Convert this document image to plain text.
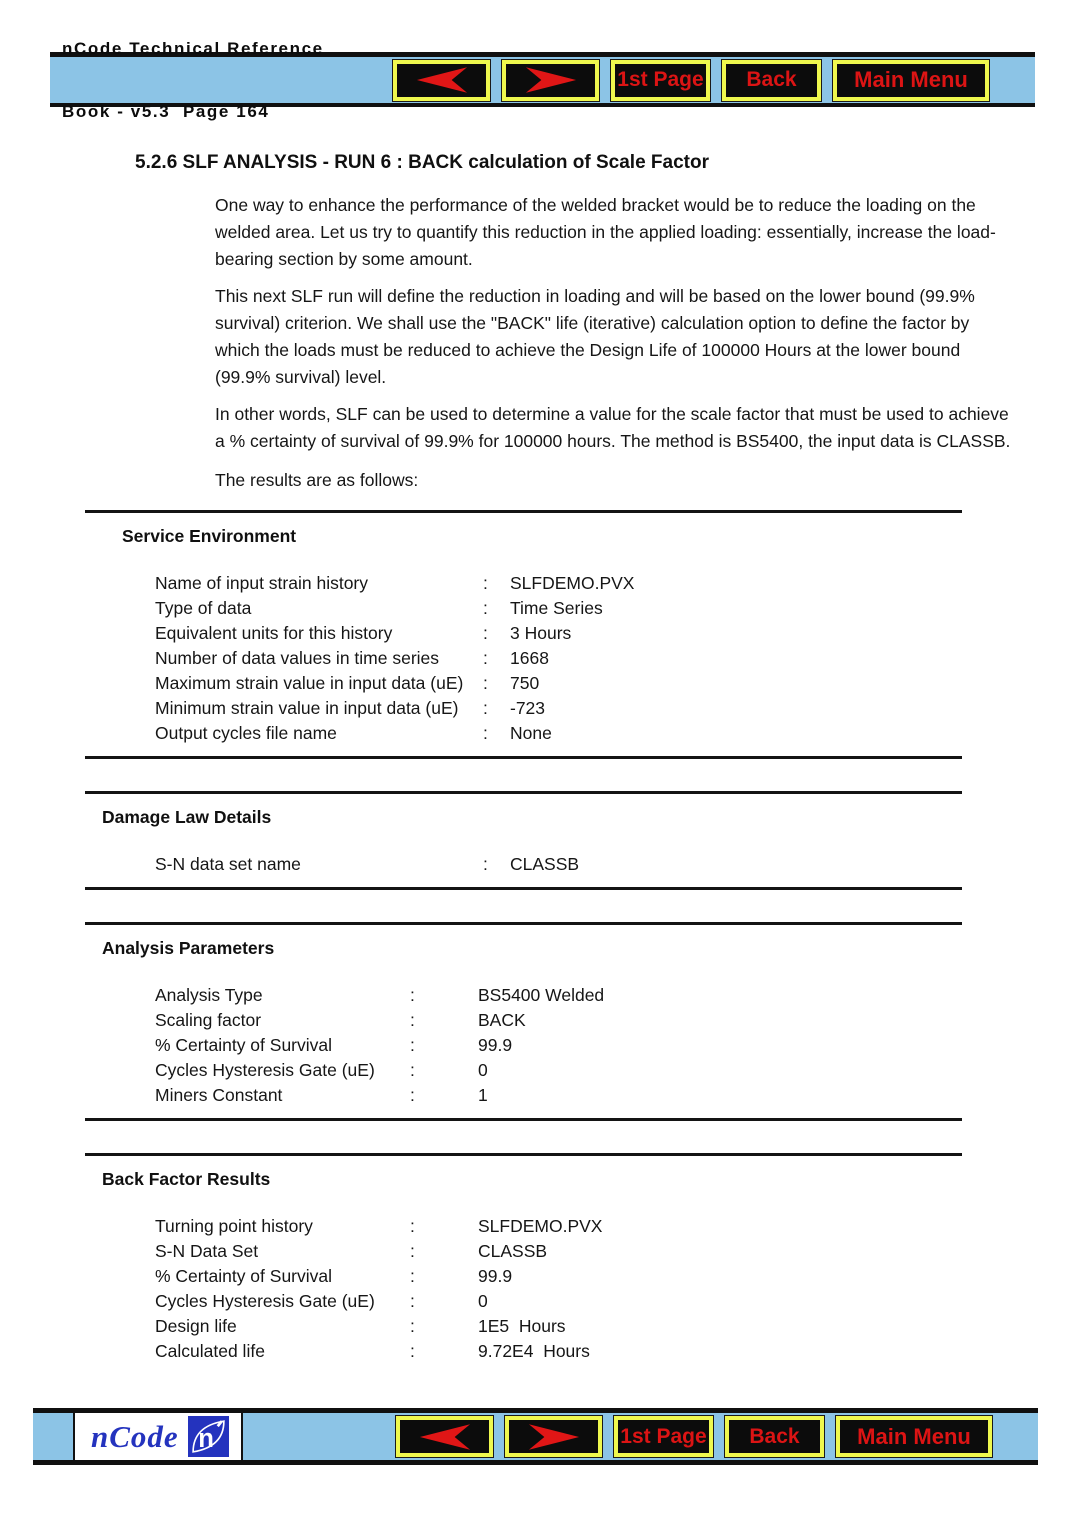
nCode Technical Reference

Book - v5.3  Page 164

1st Page	Back	Main Menu
5.2.6 SLF ANALYSIS - RUN 6 : BACK calculation of Scale Factor

One way to enhance the performance of the welded bracket would be to reduce the loading on the welded area. Let us try to quantify this reduction in the applied loading: essentially, increase the load-bearing section by some amount.

This next SLF run will define the reduction in loading and will be based on the lower bound (99.9% survival) criterion. We shall use the "BACK" life (iterative) calculation option to define the factor by which the loads must be reduced to achieve the Design Life of 100000 Hours at the lower bound (99.9% survival) level.

In other words, SLF can be used to determine a value for the scale factor that must be used to achieve a % certainty of survival of 99.9% for 100000 hours. The method is BS5400, the input data is CLASSB.

The results are as follows:

Service Environment
Name of input strain history	:	SLFDEMO.PVX
Type of data	:	Time Series
Equivalent units for this history	:	3 Hours
Number of data values in time series	:	1668
Maximum strain value in input data (uE)	:	750
Minimum strain value in input data (uE)	:	-723
Output cycles file name	:	None
Damage Law Details
S-N data set name	:	CLASSB
Analysis Parameters
Analysis Type	:	BS5400 Welded
Scaling factor	:	BACK
% Certainty of Survival	:	99.9
Cycles Hysteresis Gate (uE)	:	0
Miners Constant	:	1
Back Factor Results
Turning point history	:	SLFDEMO.PVX
S-N Data Set	:	CLASSB
% Certainty of Survival	:	99.9
Cycles Hysteresis Gate (uE)	:	0
Design life	:	1E5  Hours
Calculated life	:	9.72E4  Hours
nCode n	1st Page	Back	Main Menu
